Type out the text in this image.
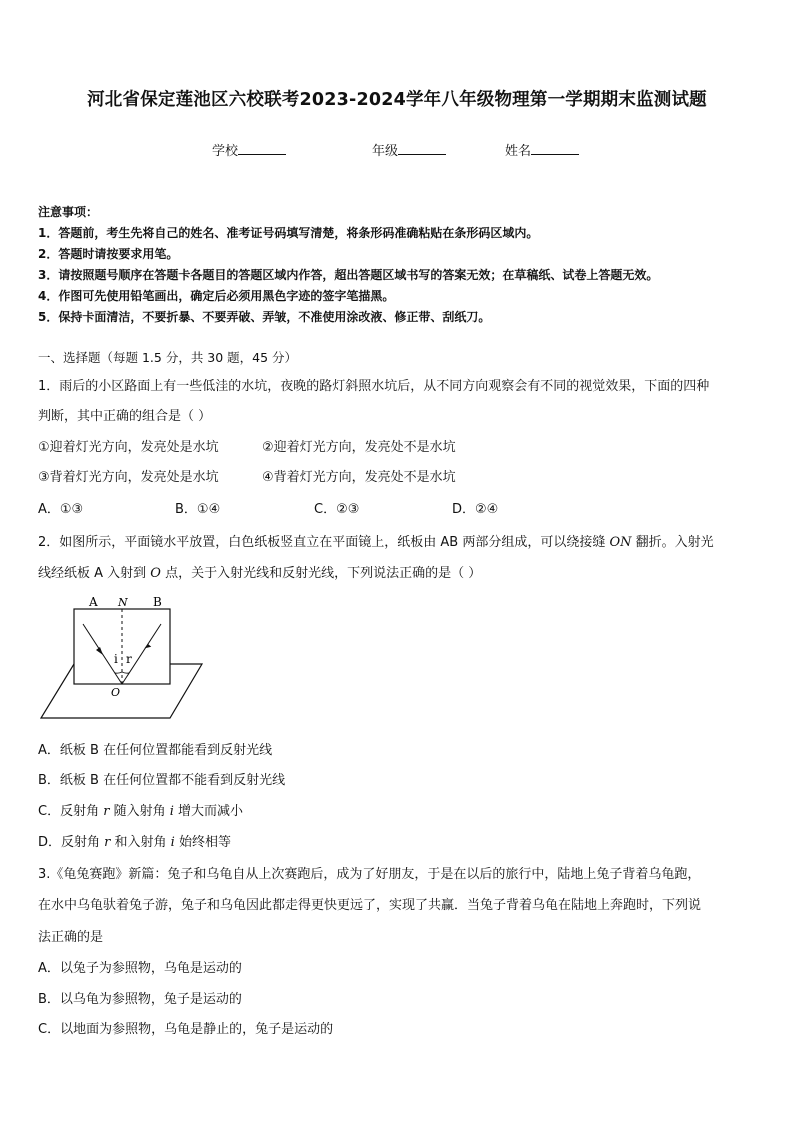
河北省保定莲池区六校联考2023-2024学年八年级物理第一学期期末监测试题
学校	年级	姓名
注意事项：
1．答题前，考生先将自己的姓名、准考证号码填写清楚，将条形码准确粘贴在条形码区域内。
2．答题时请按要求用笔。
3．请按照题号顺序在答题卡各题目的答题区域内作答，超出答题区域书写的答案无效；在草稿纸、试卷上答题无效。
4．作图可先使用铅笔画出，确定后必须用黑色字迹的签字笔描黑。
5．保持卡面清洁，不要折暴、不要弄破、弄皱，不准使用涂改液、修正带、刮纸刀。
一、选择题（每题 1.5 分，共 30 题，45 分）
1．雨后的小区路面上有一些低洼的水坑，夜晚的路灯斜照水坑后，从不同方向观察会有不同的视觉效果，下面的四种
判断，其中正确的组合是（ ）
①迎着灯光方向，发亮处是水坑	②迎着灯光方向，发亮处不是水坑
③背着灯光方向，发亮处是水坑	④背着灯光方向，发亮处不是水坑
A．①③	B．①④	C．②③	D．②④
2．如图所示，平面镜水平放置，白色纸板竖直立在平面镜上，纸板由 AB 两部分组成，可以绕接缝 ON 翻折。入射光
线经纸板 A 入射到 O 点，关于入射光线和反射光线，下列说法正确的是（ ）
A N B
i r
O
A．纸板 B 在任何位置都能看到反射光线
B．纸板 B 在任何位置都不能看到反射光线
C．反射角 r 随入射角 i 增大而减小
D．反射角 r 和入射角 i 始终相等
3.《龟兔赛跑》新篇：兔子和乌龟自从上次赛跑后，成为了好朋友，于是在以后的旅行中，陆地上兔子背着乌龟跑，
在水中乌龟驮着兔子游，兔子和乌龟因此都走得更快更远了，实现了共赢．当兔子背着乌龟在陆地上奔跑时，下列说
法正确的是
A．以兔子为参照物，乌龟是运动的
B．以乌龟为参照物，兔子是运动的
C．以地面为参照物，乌龟是静止的，兔子是运动的
